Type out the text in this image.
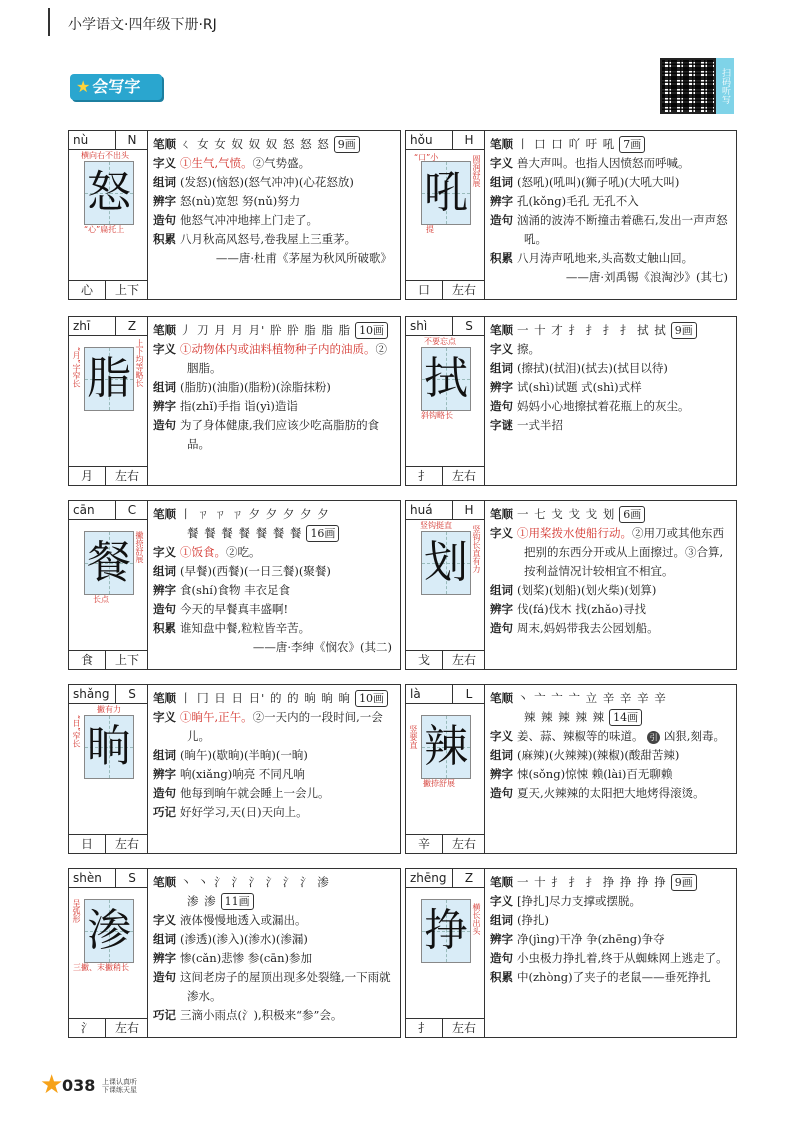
小学语文·四年级下册·RJ
★ 会写字	扫码听写
nù	N
怒
横向右不出头
“心”扁托上
心	上下
笔顺 ㄑ 女 女 奴 奴 奴 怒 怒 怒 9画
字义 ①生气,气愤。②气势盛。
组词 (发怒)(恼怒)(怒气冲冲)(心花怒放)
辨字 怒(nù)宽恕 努(nǔ)努力
造句 他怒气冲冲地摔上门走了。
积累 八月秋高风怒号,卷我屋上三重茅。
——唐·杜甫《茅屋为秋风所破歌》
hǒu	H
吼
“口”小	圆润舒展
提
口	左右
笔顺 丨 口 口 吖 吁 吼 7画
字义 兽大声叫。也指人因愤怒而呼喊。
组词 (怒吼)(吼叫)(狮子吼)(大吼大叫)
辨字 孔(kǒng)毛孔 无孔不入
造句 汹涌的波涛不断撞击着礁石,发出一声声怒吼。
积累 八月涛声吼地来,头高数丈触山回。
——唐·刘禹锡《浪淘沙》(其七)
zhī	Z
脂
“月”字窄长	上下均等略长
月	左右
笔顺 丿 刀 月 月 月' 肸 肸 脂 脂 脂 10画
字义 ①动物体内或油料植物种子内的油质。②胭脂。
组词 (脂肪)(油脂)(脂粉)(涂脂抹粉)
辨字 指(zhǐ)手指 诣(yì)造诣
造句 为了身体健康,我们应该少吃高脂肪的食品。
shì	S
拭
不要忘点
斜钩略长
扌	左右
笔顺 一 十 才 扌 扌 扌 扌 拭 拭 9画
字义 擦。
组词 (擦拭)(拭泪)(拭去)(拭目以待)
辨字 试(shì)试题 式(shì)式样
造句 妈妈小心地擦拭着花瓶上的灰尘。
字谜 一式半招
cān	C
餐 撇捺舒展
长点
食	上下
笔顺 丨 ㄗ ㄗ ㄗ 夕 夕 夕 夕 夕
餐 餐 餐 餐 餐 餐 餐 16画
字义 ①饭食。②吃。
组词 (早餐)(西餐)(一日三餐)(聚餐)
辨字 食(shí)食物 丰衣足食
造句 今天的早餐真丰盛啊!
积累 谁知盘中餐,粒粒皆辛苦。
——唐·李绅《悯农》(其二)
huá	H
划
竖钩挺直	竖钩长直有力
戈	左右
笔顺 一 七 戈 戈 戈 划 6画
字义 ①用桨拨水使船行动。②用刀或其他东西把别的东西分开或从上面擦过。③合算,按利益情况计较相宜不相宜。
组词 (划桨)(划船)(划火柴)(划算)
辨字 伐(fá)伐木 找(zhǎo)寻找
造句 周末,妈妈带我去公园划船。
shǎng	S
晌
撇有力
“日”窄长
日	左右
笔顺 丨 冂 日 日 日' 的 的 晌 晌 晌 10画
字义 ①晌午,正午。②一天内的一段时间,一会儿。
组词 (晌午)(歇晌)(半晌)(一晌)
辨字 响(xiǎng)响亮 不同凡响
造句 他每到晌午就会睡上一会儿。
巧记 好好学习,天(日)天向上。
là	L
辣
竖要直
撇捺舒展
辛	左右
笔顺 丶 亠 亠 亠 立 辛 辛 辛 辛
辣 辣 辣 辣 辣 14画
字义 姜、蒜、辣椒等的味道。 引 凶狠,刻毒。
组词 (麻辣)(火辣辣)(辣椒)(酸甜苦辣)
辨字 悚(sǒng)惊悚 赖(lài)百无聊赖
造句 夏天,火辣辣的太阳把大地烤得滚烫。
shèn	S
渗
呈弧形
三撇、末撇稍长
氵	左右
笔顺 丶 丶 氵 氵 氵 氵 氵 氵 渗
渗 渗 11画
字义 液体慢慢地透入或漏出。
组词 (渗透)(渗入)(渗水)(渗漏)
辨字 惨(cǎn)悲惨 参(cān)参加
造句 这间老房子的屋顶出现多处裂缝,一下雨就渗水。
巧记 三滴小雨点(氵),积极来“参”会。
zhēng	Z
挣 横长出头
扌	左右
笔顺 一 十 扌 扌 扌 挣 挣 挣 挣 9画
字义 [挣扎]尽力支撑或摆脱。
组词 (挣扎)
辨字 净(jìng)干净 争(zhēng)争夺
造句 小虫极力挣扎着,终于从蜘蛛网上逃走了。
积累 中(zhòng)了夹子的老鼠——垂死挣扎
★
038 上课认真听
下课练天星
